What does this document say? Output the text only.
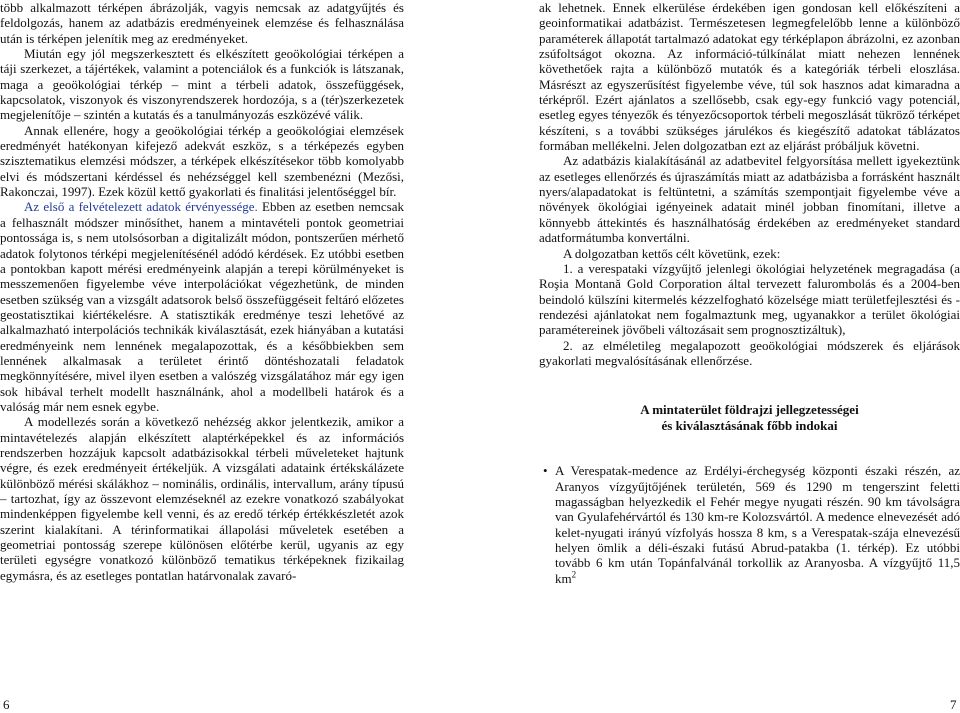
több alkalmazott térképen ábrázolják, vagyis nemcsak az adatgyűjtés és feldolgozás, hanem az adatbázis eredményeinek elemzése és felhasználása után is térképen jelenítik meg az eredményeket.

Miután egy jól megszerkesztett és elkészített geoökológiai térképen a táji szerkezet, a tájértékek, valamint a potenciálok és a funkciók is látszanak, maga a geoökológiai térkép – mint a térbeli adatok, összefüggések, kapcsolatok, viszonyok és viszonyrendszerek hordozója, s a (tér)szerkezetek megjelenítője – szintén a kutatás és a tanulmányozás eszközévé válik.

Annak ellenére, hogy a geoökológiai térkép a geoökológiai elemzések eredményét hatékonyan kifejező adekvát eszköz, s a térképezés egyben szisztematikus elemzési módszer, a térképek elkészítésekor több komolyabb elvi és módszertani kérdéssel és nehézséggel kell szembenézni (Mezősi, Rakonczai, 1997). Ezek közül kettő gyakorlati és finalitási jelentőséggel bír.

Az első a felvételezett adatok érvényessége. Ebben az esetben nemcsak a felhasznált módszer minősíthet, hanem a mintavételi pontok geometriai pontossága is, s nem utolsósorban a digitalizált módon, pontszerűen mérhető adatok folytonos térképi megjelenítésénél adódó kérdések. Ez utóbbi esetben a pontokban kapott mérési eredményeink alapján a terepi körülményeket is messzemenően figyelembe véve interpolációkat végezhetünk, de minden esetben szükség van a vizsgált adatsorok belső összefüggéseit feltáró előzetes geostatisztikai kiértékelésre. A statisztikák eredménye teszi lehetővé az alkalmazható interpolációs technikák kiválasztását, ezek hiányában a kutatási eredményeink nem lennének megalapozottak, és a későbbiekben sem lennének alkalmasak a területet érintő döntéshozatali feladatok megkönnyítésére, mivel ilyen esetben a valószég vizsgálatához már egy igen sok hibával terhelt modellt használnánk, ahol a modellbeli határok és a valóság már nem esnek egybe.

A modellezés során a következő nehézség akkor jelentkezik, amikor a mintavételezés alapján elkészített alaptérképekkel és az információs rendszerben hozzájuk kapcsolt adatbázisokkal térbeli műveleteket hajtunk végre, és ezek eredményeit értékeljük. A vizsgálati adataink értékskálázete különböző mérési skálákhoz – nominális, ordinális, intervallum, arány típusú – tartozhat, így az összevont elemzéseknél az ezekre vonatkozó szabályokat mindenképpen figyelembe kell venni, és az eredő térkép értékkészletét azok szerint kialakítani. A térinformatikai állapolási műveletek esetében a geometriai pontosság szerepe különösen előtérbe kerül, ugyanis az egy területi egységre vonatkozó különböző tematikus térképeknek fizikailag egymásra, és az esetleges pontatlan határvonalak zavaró-

ak lehetnek. Ennek elkerülése érdekében igen gondosan kell előkészíteni a geoinformatikai adatbázist. Természetesen legmegfelelőbb lenne a különböző paraméterek állapotát tartalmazó adatokat egy térképlapon ábrázolni, ez azonban zsúfoltságot okozna. Az információ-túlkínálat miatt nehezen lennének követhetőek rajta a különböző mutatók és a kategóriák térbeli eloszlása. Másrészt az egyszerűsítést figyelembe véve, túl sok hasznos adat kimaradna a térképről. Ezért ajánlatos a szellősebb, csak egy-egy funkció vagy potenciál, esetleg egyes tényezők és tényezőcsoportok térbeli megoszlását tükröző térképet készíteni, s a további szükséges járulékos és kiegészítő adatokat táblázatos formában mellékelni. Jelen dolgozatban ezt az eljárást próbáljuk követni.

Az adatbázis kialakításánál az adatbevitel felgyorsítása mellett igyekeztünk az esetleges ellenőrzés és újraszámítás miatt az adatbázisba a forrásként használt nyers/alapadatokat is feltüntetni, a számítás szempontjait figyelembe véve a növények ökológiai igényeinek adatait minél jobban finomítani, illetve a könnyebb áttekintés és használhatóság érdekében az eredményeket standard adatformátumba konvertálni.

A dolgozatban kettős célt követünk, ezek:

1. a verespataki vízgyűjtő jelenlegi ökológiai helyzetének megragadása (a Roşia Montană Gold Corporation által tervezett falurombolás és a 2004-ben beindoló külszíni kitermelés kézzelfogható közelsége miatt területfejlesztési és -rendezési ajánlatokat nem fogalmaztunk meg, ugyanakkor a terület ökológiai paramétereinek jövőbeli változásait sem prognosztizáltuk),

2. az elméletileg megalapozott geoökológiai módszerek és eljárások gyakorlati megvalósításának ellenőrzése.

A mintaterület földrajzi jellegzetességei
és kiválasztásának főbb indokai

• A Verespatak-medence az Erdélyi-érchegység központi északi részén, az Aranyos vízgyűjtőjének területén, 569 és 1290 m tengerszint feletti magasságban helyezkedik el Fehér megye nyugati részén. 90 km távolságra van Gyulafehérvártól és 130 km-re Kolozsvártól. A medence elnevezését adó kelet-nyugati irányú vízfolyás hossza 8 km, s a Verespatak-szája elnevezésű helyen ömlik a déli-északi futású Abrud-patakba (1. térkép). Ez utóbbi tovább 6 km után Topánfalvánál torkollik az Aranyosba. A vízgyűjtő 11,5 $km^2$

6	7
